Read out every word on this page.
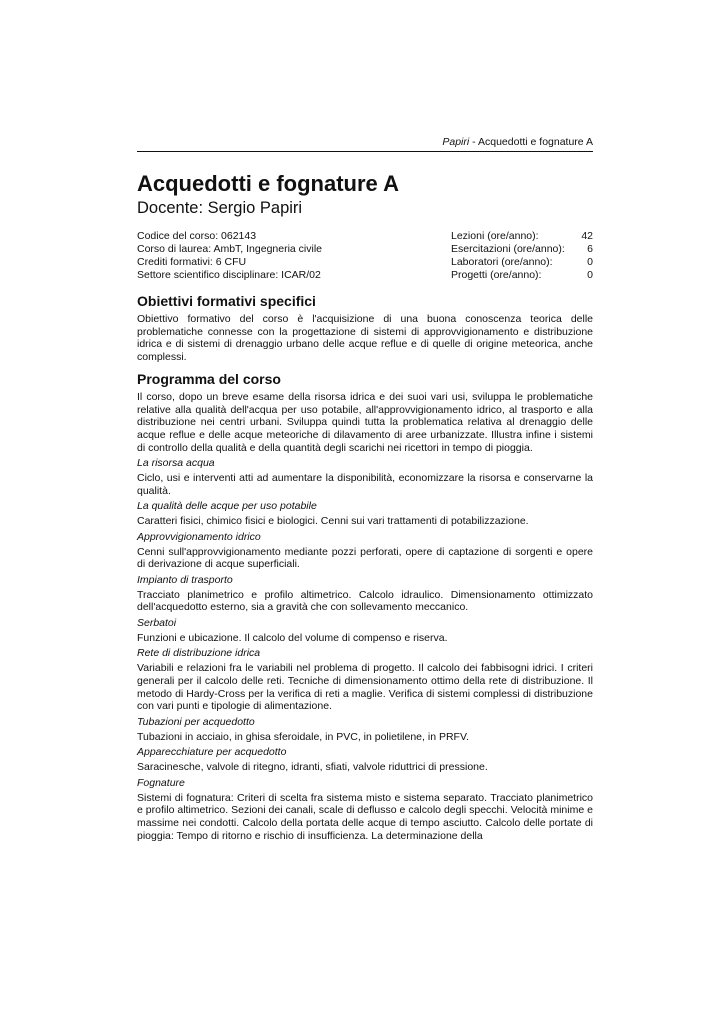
Papiri - Acquedotti e fognature A
Acquedotti e fognature A
Docente: Sergio Papiri
Codice del corso: 062143
Corso di laurea: AmbT, Ingegneria civile
Crediti formativi: 6 CFU
Settore scientifico disciplinare: ICAR/02
Lezioni (ore/anno):	42
Esercitazioni (ore/anno): 6
Laboratori (ore/anno):	0
Progetti (ore/anno):	0
Obiettivi formativi specifici

Obiettivo formativo del corso è l'acquisizione di una buona conoscenza teorica delle problematiche connesse con la progettazione di sistemi di approvvigionamento e distribuzione idrica e di sistemi di drenaggio urbano delle acque reflue e di quelle di origine meteorica, anche complessi.

Programma del corso

Il corso, dopo un breve esame della risorsa idrica e dei suoi vari usi, sviluppa le problematiche relative alla qualità dell'acqua per uso potabile, all'approvvigionamento idrico, al trasporto e alla distribuzione nei centri urbani. Sviluppa quindi tutta la problematica relativa al drenaggio delle acque reflue e delle acque meteoriche di dilavamento di aree urbanizzate. Illustra infine i sistemi di controllo della qualità e della quantità degli scarichi nei ricettori in tempo di pioggia.

La risorsa acqua

Ciclo, usi e interventi atti ad aumentare la disponibilità, economizzare la risorsa e conservarne la qualità.

La qualità delle acque per uso potabile

Caratteri fisici, chimico fisici e biologici. Cenni sui vari trattamenti di potabilizzazione.

Approvvigionamento idrico

Cenni sull'approvvigionamento mediante pozzi perforati, opere di captazione di sorgenti e opere di derivazione di acque superficiali.

Impianto di trasporto

Tracciato planimetrico e profilo altimetrico. Calcolo idraulico. Dimensionamento ottimizzato dell'acquedotto esterno, sia a gravità che con sollevamento meccanico.

Serbatoi

Funzioni e ubicazione. Il calcolo del volume di compenso e riserva.

Rete di distribuzione idrica

Variabili e relazioni fra le variabili nel problema di progetto. Il calcolo dei fabbisogni idrici. I criteri generali per il calcolo delle reti. Tecniche di dimensionamento ottimo della rete di distribuzione. Il metodo di Hardy-Cross per la verifica di reti a maglie. Verifica di sistemi complessi di distribuzione con vari punti e tipologie di alimentazione.

Tubazioni per acquedotto

Tubazioni in acciaio, in ghisa sferoidale, in PVC, in polietilene, in PRFV.

Apparecchiature per acquedotto

Saracinesche, valvole di ritegno, idranti, sfiati, valvole riduttrici di pressione.

Fognature

Sistemi di fognatura: Criteri di scelta fra sistema misto e sistema separato. Tracciato planimetrico e profilo altimetrico. Sezioni dei canali, scale di deflusso e calcolo degli specchi. Velocità minime e massime nei condotti. Calcolo della portata delle acque di tempo asciutto. Calcolo delle portate di pioggia: Tempo di ritorno e rischio di insufficienza. La determinazione della
